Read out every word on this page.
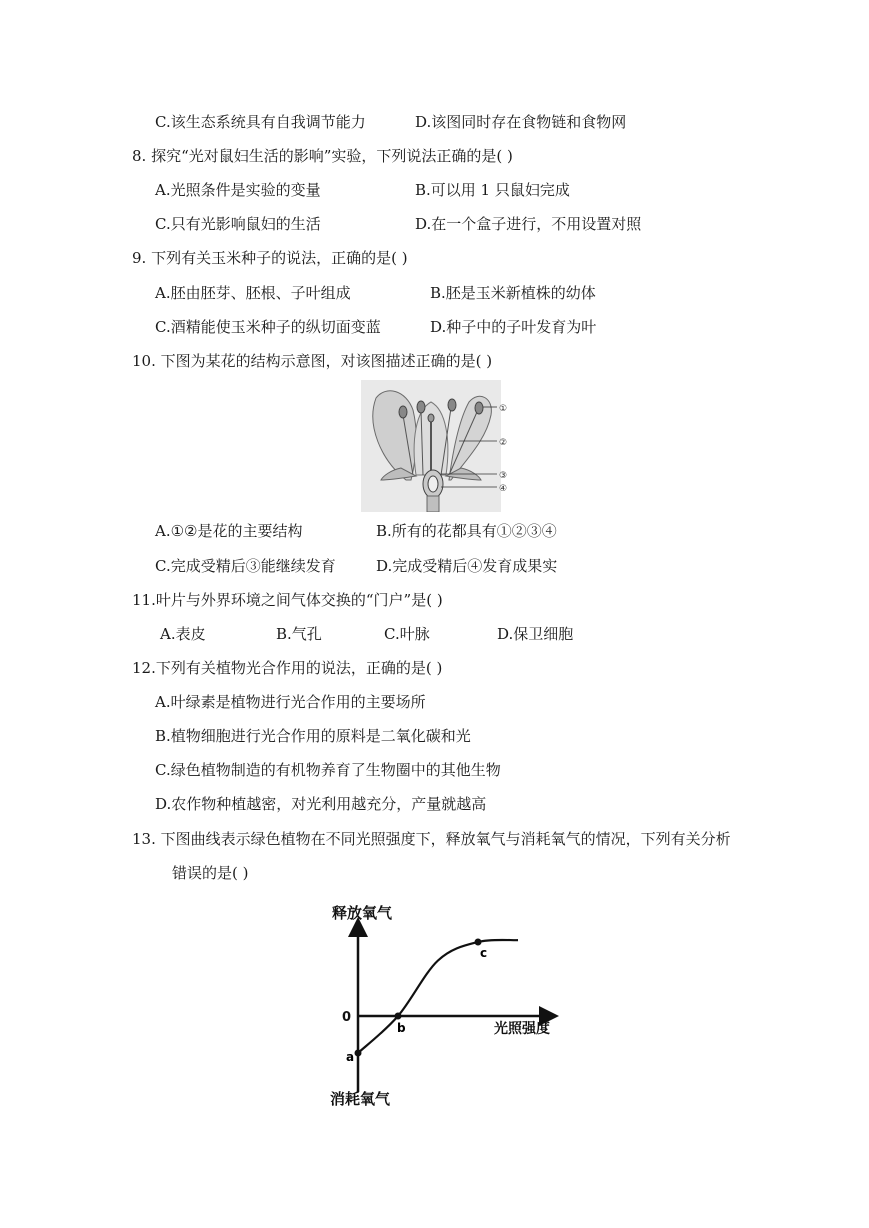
C.该生态系统具有自我调节能力	D.该图同时存在食物链和食物网
8. 探究“光对鼠妇生活的影响”实验，下列说法正确的是( )
A.光照条件是实验的变量	B.可以用 1 只鼠妇完成
C.只有光影响鼠妇的生活	D.在一个盒子进行，不用设置对照
9. 下列有关玉米种子的说法，正确的是( )
A.胚由胚芽、胚根、子叶组成	B.胚是玉米新植株的幼体
C.酒精能使玉米种子的纵切面变蓝	D.种子中的子叶发育为叶
10. 下图为某花的结构示意图，对该图描述正确的是( )
①
②
③
④
A.①②是花的主要结构	B.所有的花都具有①②③④
C.完成受精后③能继续发育	D.完成受精后④发育成果实
11.叶片与外界环境之间气体交换的“门户”是( )
A.表皮	B.气孔	C.叶脉	D.保卫细胞
12.下列有关植物光合作用的说法，正确的是( )
A.叶绿素是植物进行光合作用的主要场所
B.植物细胞进行光合作用的原料是二氧化碳和光
C.绿色植物制造的有机物养育了生物圈中的其他生物
D.农作物种植越密，对光利用越充分，产量就越高
13. 下图曲线表示绿色植物在不同光照强度下，释放氧气与消耗氧气的情况，下列有关分析
错误的是( )
释放氧气
消耗氧气
光照强度
0
a
b
c
